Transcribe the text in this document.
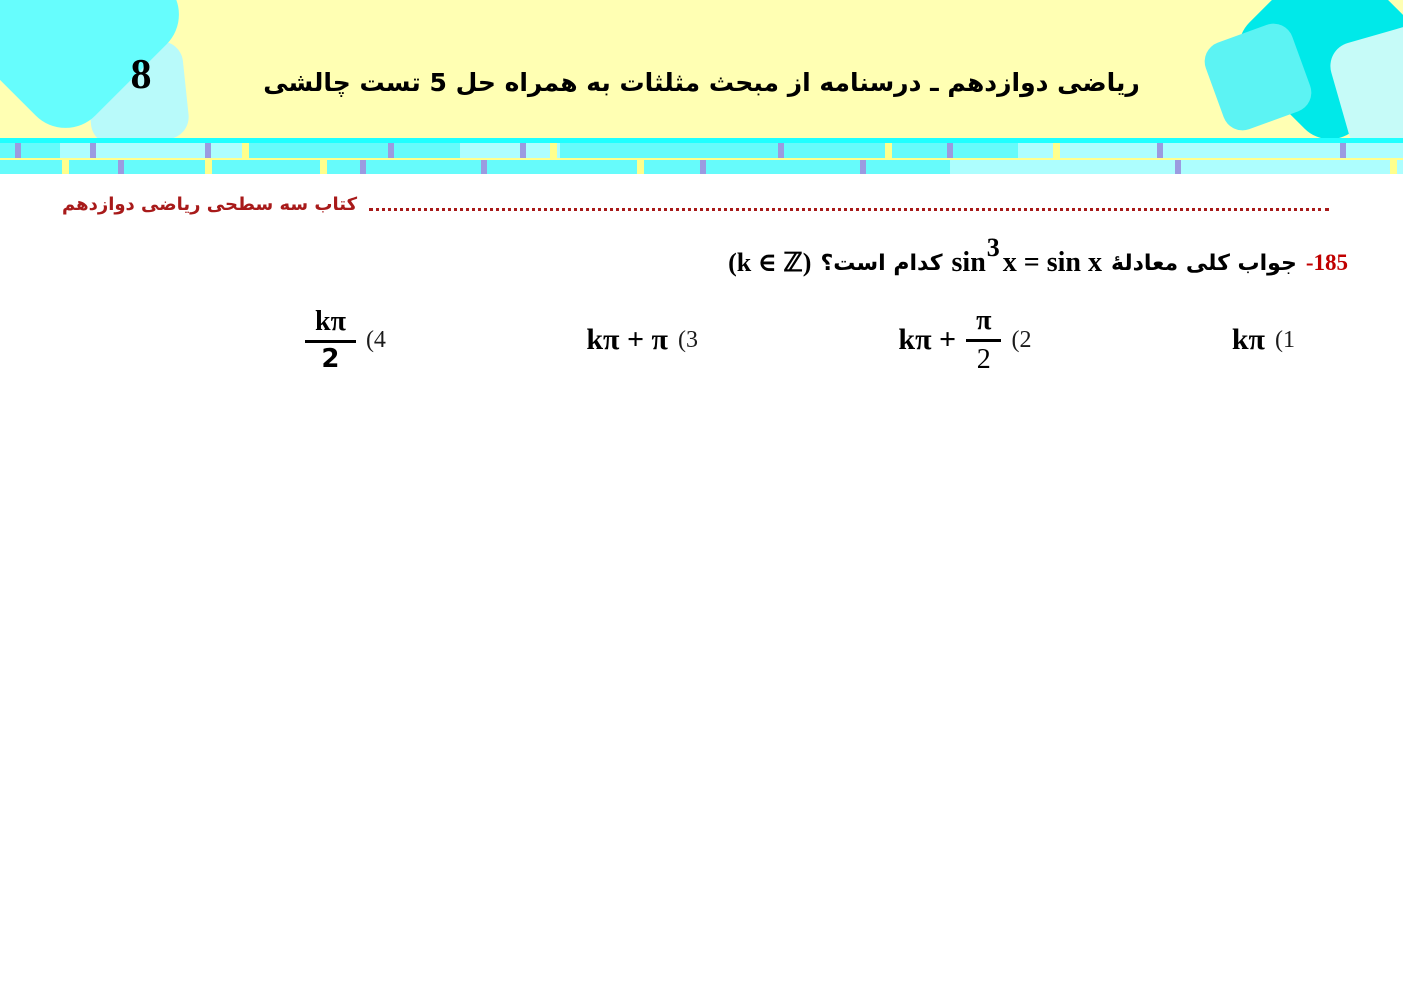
8	ریاضی دوازدهم ـ درسنامه از مبحث مثلثات به همراه حل 5 تست چالشی
کتاب سه سطحی ریاضی دوازدهم
185-
جواب کلی معادلهٔ
sin3 x = sin x
کدام است؟
(k ∈ ℤ)
kπ (1
$k\pi + \frac{\pi}{2} (2$
kπ + π (3
$\frac{k\pi}{2} (4$
